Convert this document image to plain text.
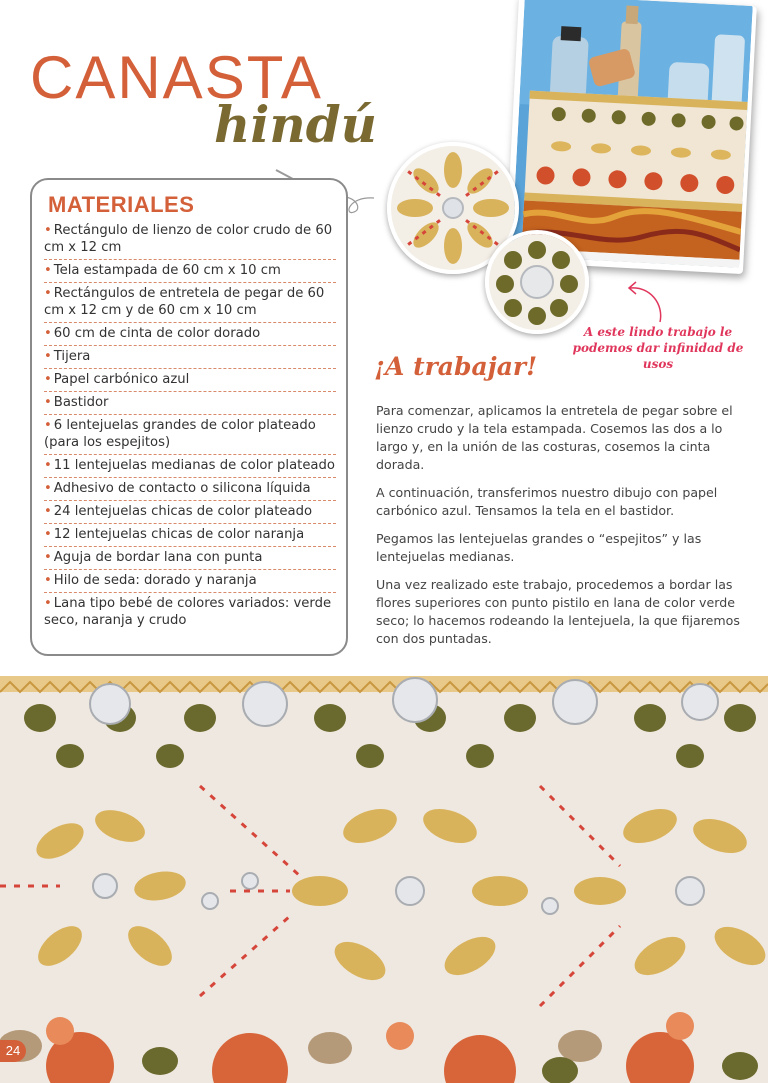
CANASTA
hindú
MATERIALES
• Rectángulo de lienzo de color crudo de 60 cm x 12 cm
• Tela estampada de 60 cm x 10 cm
• Rectángulos de entretela de pegar de 60 cm x 12 cm y de 60 cm x 10 cm
• 60 cm de cinta de color dorado
• Tijera
• Papel carbónico azul
• Bastidor
• 6 lentejuelas grandes de color plateado (para los espejitos)
• 11 lentejuelas medianas de color plateado
• Adhesivo de contacto o silicona líquida
• 24 lentejuelas chicas de color plateado
• 12 lentejuelas chicas de color naranja
• Aguja de bordar lana con punta
• Hilo de seda: dorado y naranja
• Lana tipo bebé de colores variados: verde seco, naranja y crudo
A este lindo trabajo le podemos dar infinidad de usos
¡A trabajar!

Para comenzar, aplicamos la entretela de pegar sobre el lienzo crudo y la tela estampada. Cosemos las dos a lo largo y, en la unión de las costuras, cosemos la cinta dorada.

A continuación, transferimos nuestro dibujo con papel carbónico azul. Tensamos la tela en el bastidor.

Pegamos las lentejuelas grandes o “espejitos” y las lentejuelas medianas.

Una vez realizado este trabajo, procedemos a bordar las flores superiores con punto pistilo en lana de color verde seco; lo hacemos rodeando la lentejuela, la que fijaremos con dos puntadas.

24
